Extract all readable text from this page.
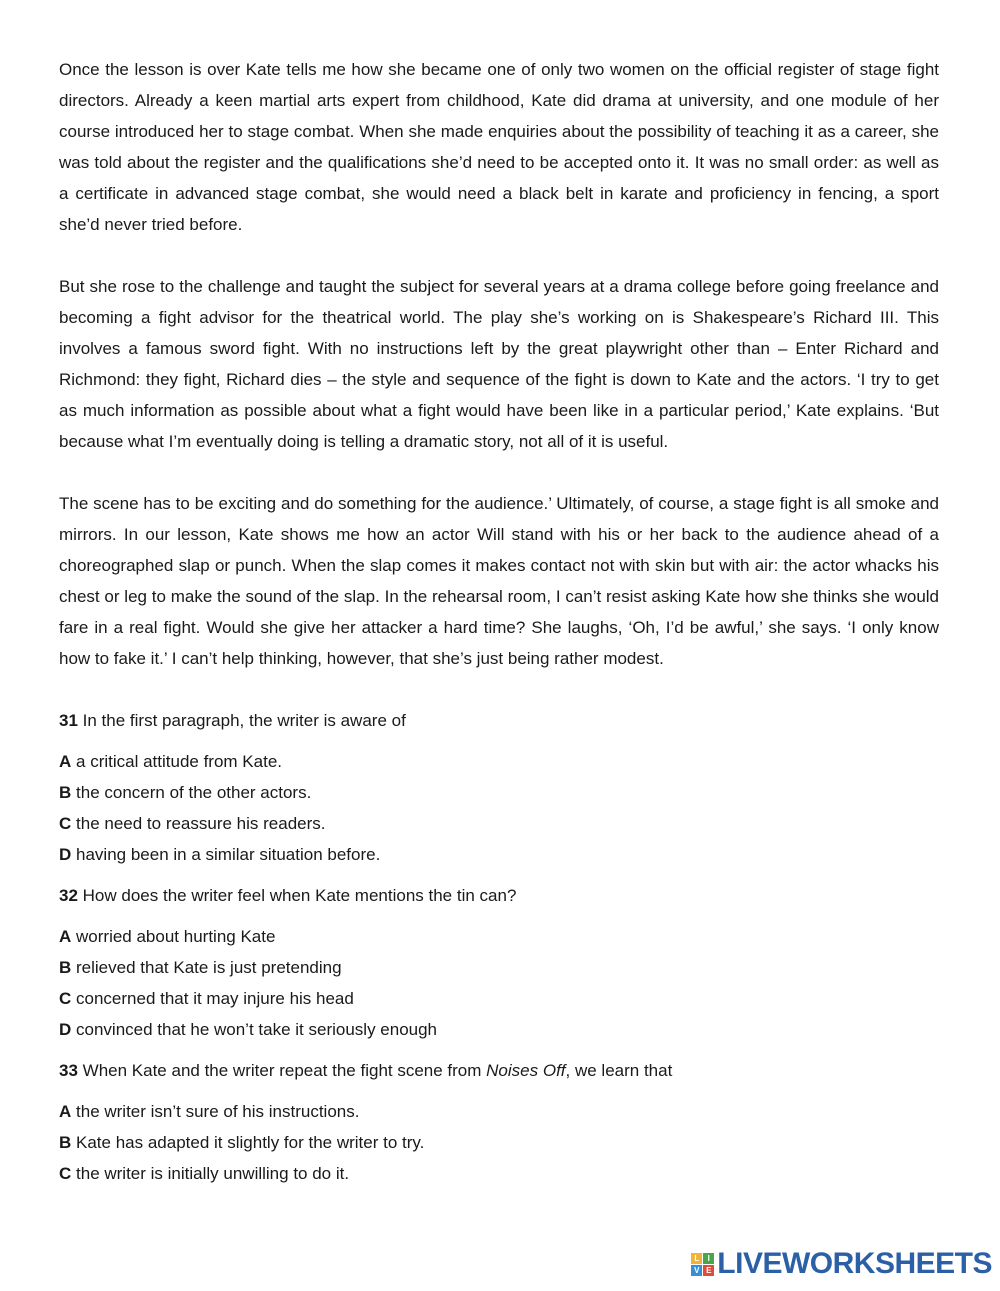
Once the lesson is over Kate tells me how she became one of only two women on the official register of stage fight directors. Already a keen martial arts expert from childhood, Kate did drama at university, and one module of her course introduced her to stage combat. When she made enquiries about the possibility of teaching it as a career, she was told about the register and the qualifications she’d need to be accepted onto it. It was no small order: as well as a certificate in advanced stage combat, she would need a black belt in karate and proficiency in fencing, a sport she’d never tried before.

But she rose to the challenge and taught the subject for several years at a drama college before going freelance and becoming a fight advisor for the theatrical world. The play she’s working on is Shakespeare’s Richard III. This involves a famous sword fight. With no instructions left by the great playwright other than – Enter Richard and Richmond: they fight, Richard dies – the style and sequence of the fight is down to Kate and the actors. ‘I try to get as much information as possible about what a fight would have been like in a particular period,’ Kate explains. ‘But because what I’m eventually doing is telling a dramatic story, not all of it is useful.

The scene has to be exciting and do something for the audience.’ Ultimately, of course, a stage fight is all smoke and mirrors. In our lesson, Kate shows me how an actor Will stand with his or her back to the audience ahead of a choreographed slap or punch. When the slap comes it makes contact not with skin but with air: the actor whacks his chest or leg to make the sound of the slap. In the rehearsal room, I can’t resist asking Kate how she thinks she would fare in a real fight. Would she give her attacker a hard time? She laughs, ‘Oh, I’d be awful,’ she says. ‘I only know how to fake it.’ I can’t help thinking, however, that she’s just being rather modest.

31 In the first paragraph, the writer is aware of

A a critical attitude from Kate.
B the concern of the other actors.
C the need to reassure his readers.
D having been in a similar situation before.

32 How does the writer feel when Kate mentions the tin can?

A worried about hurting Kate
B relieved that Kate is just pretending
C concerned that it may injure his head
D convinced that he won’t take it seriously enough

33 When Kate and the writer repeat the fight scene from Noises Off, we learn that

A the writer isn’t sure of his instructions.
B Kate has adapted it slightly for the writer to try.
C the writer is initially unwilling to do it.
L	I
V E LIVEWORKSHEETS
